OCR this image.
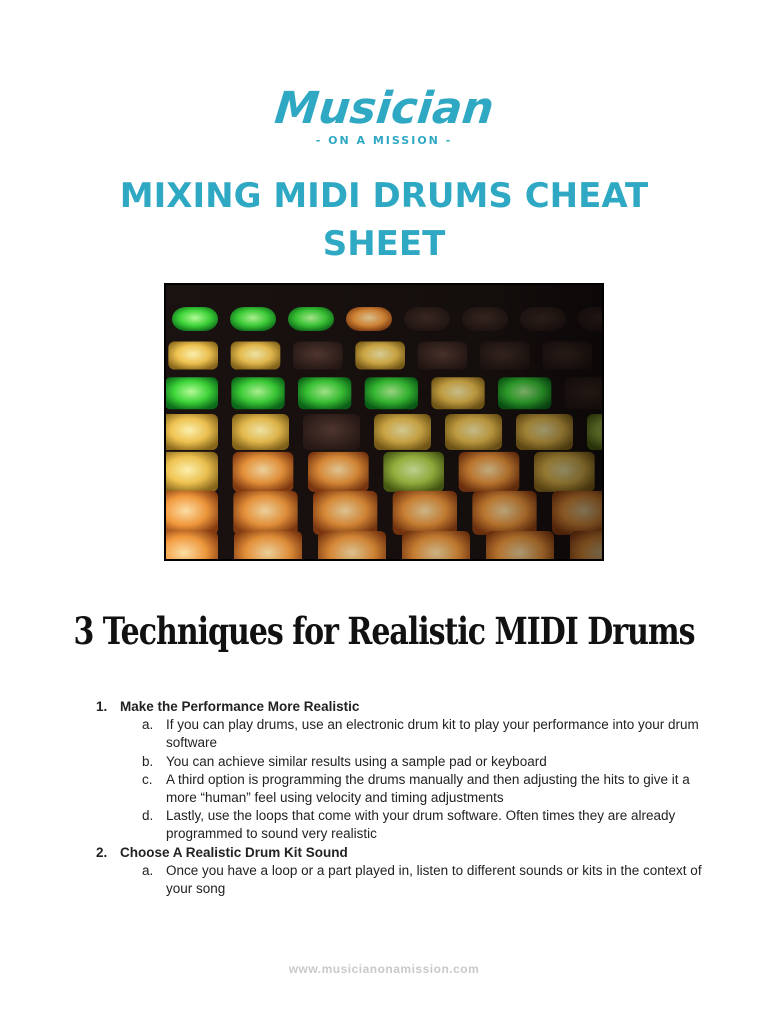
Musician
- ON A MISSION -
MIXING MIDI DRUMS CHEAT SHEET
3 Techniques for Realistic MIDI Drums
1. Make the Performance More Realistic
a. If you can play drums, use an electronic drum kit to play your performance into your drum software
b. You can achieve similar results using a sample pad or keyboard
c. A third option is programming the drums manually and then adjusting the hits to give it a more “human” feel using velocity and timing adjustments
d. Lastly, use the loops that come with your drum software. Often times they are already programmed to sound very realistic
2. Choose A Realistic Drum Kit Sound
a. Once you have a loop or a part played in, listen to different sounds or kits in the context of your song
www.musicianonamission.com
